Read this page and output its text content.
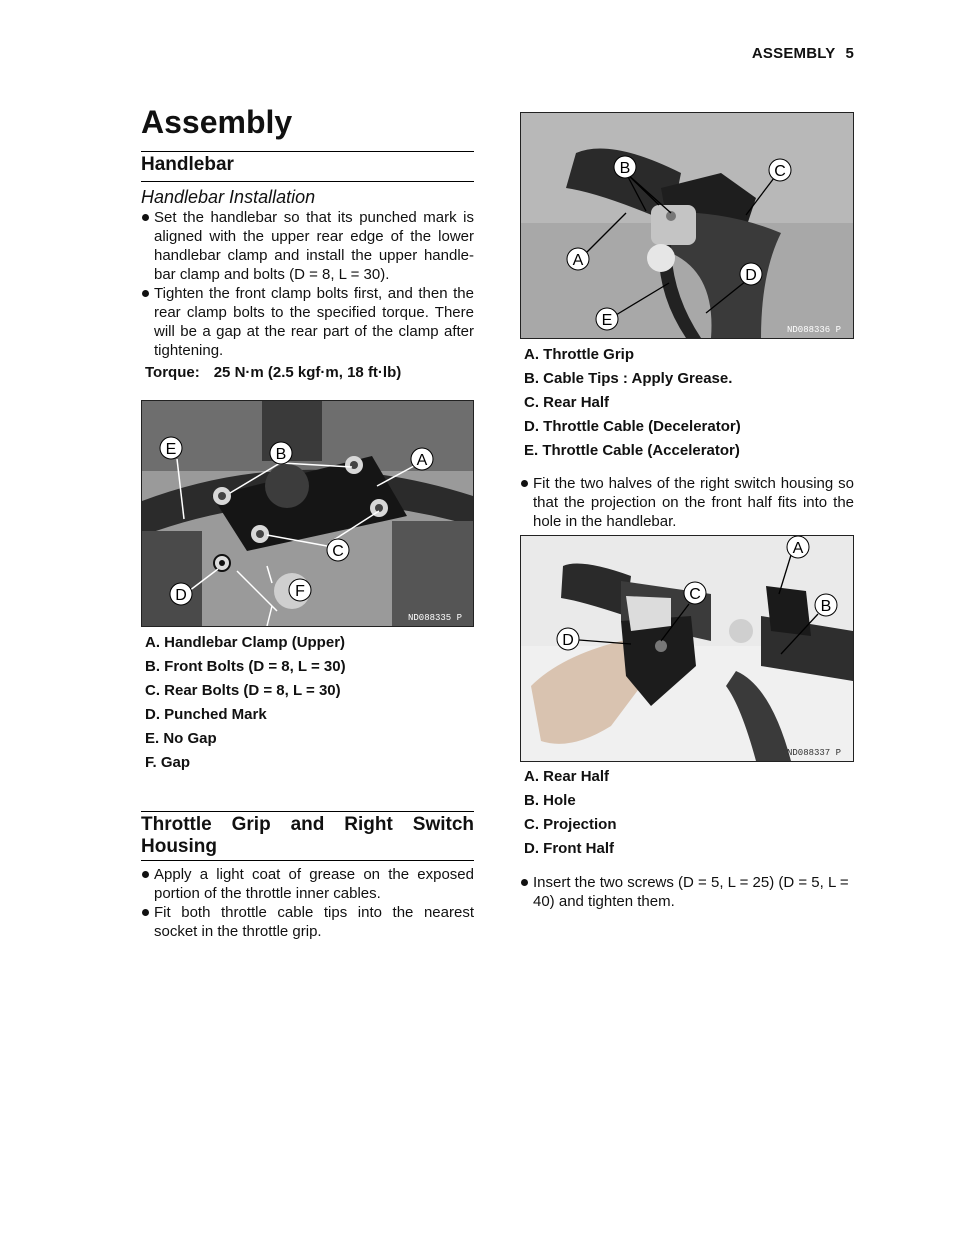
ASSEMBLY 5
Assembly
Handlebar
Handlebar Installation
Set the handlebar so that its punched mark is aligned with the upper rear edge of the lower handlebar clamp and install the upper handle-bar clamp and bolts (D = 8, L = 30).
Tighten the front clamp bolts first, and then the rear clamp bolts to the specified torque. There will be a gap at the rear part of the clamp after tightening.
Torque: 25 N·m (2.5 kgf·m, 18 ft·lb)
E	B	A
C
D	F
ND088335 P
A. Handlebar Clamp (Upper)
B. Front Bolts (D = 8, L = 30)
C. Rear Bolts (D = 8, L = 30)
D. Punched Mark
E. No Gap
F. Gap
Throttle Grip and Right Switch Housing
Apply a light coat of grease on the exposed portion of the throttle inner cables.
Fit both throttle cable tips into the nearest socket in the throttle grip.
B	C
A
D
E
ND088336 P
A. Throttle Grip
B. Cable Tips : Apply Grease.
C. Rear Half
D. Throttle Cable (Decelerator)
E. Throttle Cable (Accelerator)
Fit the two halves of the right switch housing so that the projection on the front half fits into the hole in the handlebar.
A
C
B
D
ND088337 P
A. Rear Half
B. Hole
C. Projection
D. Front Half
Insert the two screws (D = 5, L = 25) (D = 5, L = 40) and tighten them.
